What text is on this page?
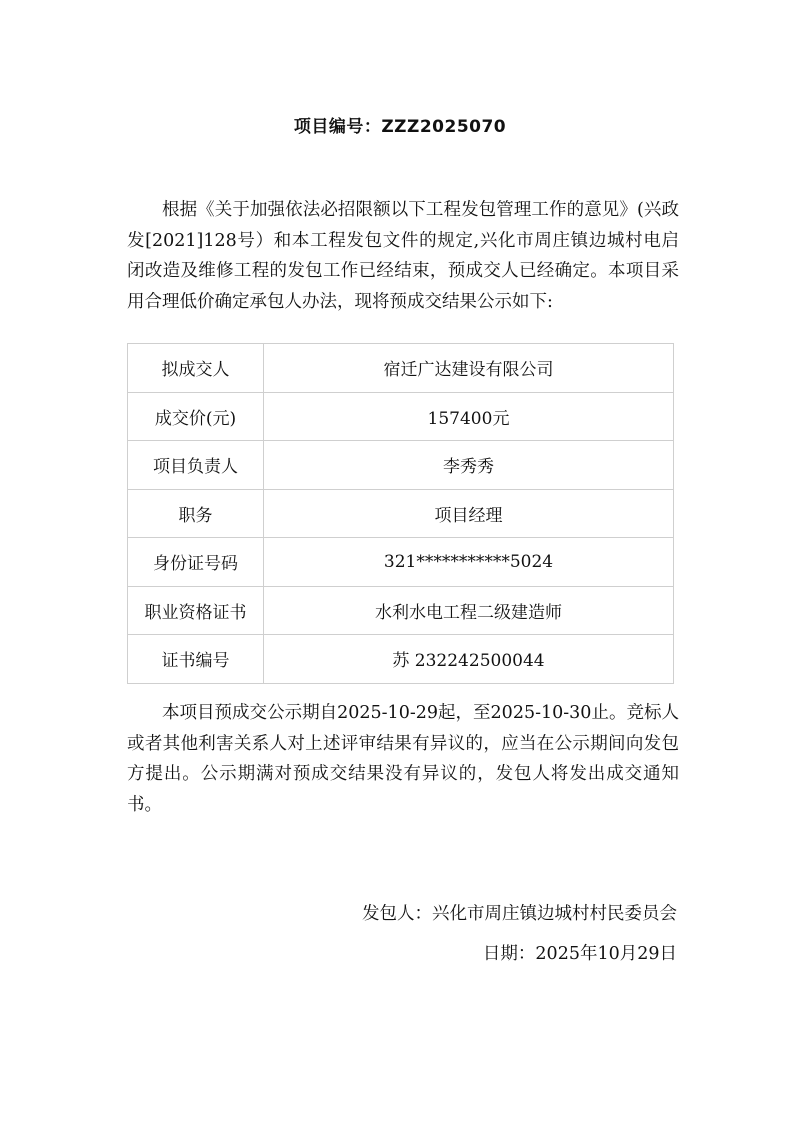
项目编号：ZZZ2025070
根据《关于加强依法必招限额以下工程发包管理工作的意见》(兴政发[2021]128号）和本工程发包文件的规定,兴化市周庄镇边城村电启闭改造及维修工程的发包工作已经结束，预成交人已经确定。本项目采用合理低价确定承包人办法，现将预成交结果公示如下:
拟成交人	宿迁广达建设有限公司
成交价(元)	157400元
项目负责人	李秀秀
职务	项目经理
身份证号码	321***********5024
职业资格证书	水利水电工程二级建造师
证书编号	苏 232242500044
本项目预成交公示期自2025-10-29起，至2025-10-30止。竞标人或者其他利害关系人对上述评审结果有异议的，应当在公示期间向发包方提出。公示期满对预成交结果没有异议的，发包人将发出成交通知书。
发包人：兴化市周庄镇边城村村民委员会
日期：2025年10月29日
